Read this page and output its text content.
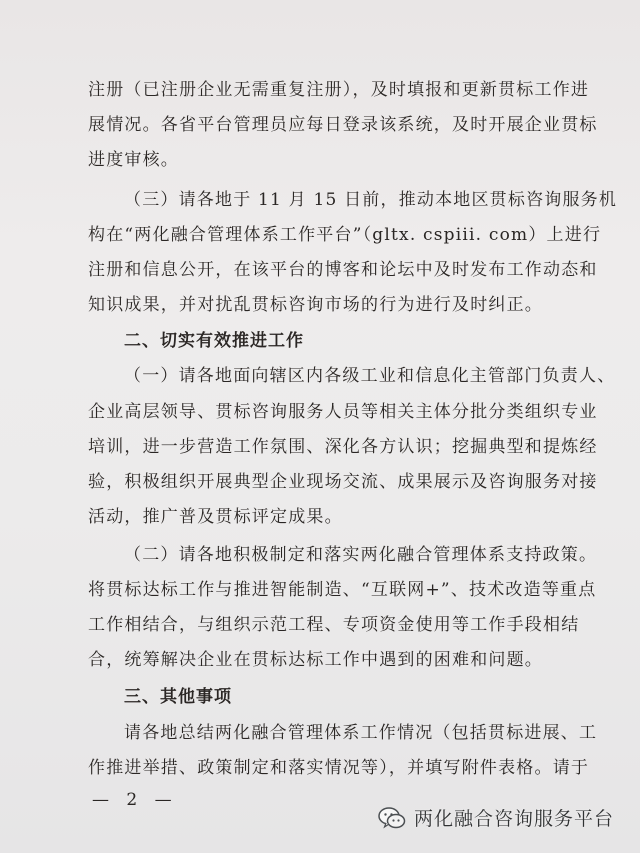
注册（已注册企业无需重复注册），及时填报和更新贯标工作进
展情况。各省平台管理员应每日登录该系统，及时开展企业贯标
进度审核。
（三）请各地于 11 月 15 日前，推动本地区贯标咨询服务机
构在“两化融合管理体系工作平台”（gltx. cspiii. com）上进行
注册和信息公开，在该平台的博客和论坛中及时发布工作动态和
知识成果，并对扰乱贯标咨询市场的行为进行及时纠正。
二、切实有效推进工作
（一）请各地面向辖区内各级工业和信息化主管部门负责人、
企业高层领导、贯标咨询服务人员等相关主体分批分类组织专业
培训，进一步营造工作氛围、深化各方认识；挖掘典型和提炼经
验，积极组织开展典型企业现场交流、成果展示及咨询服务对接
活动，推广普及贯标评定成果。
（二）请各地积极制定和落实两化融合管理体系支持政策。
将贯标达标工作与推进智能制造、“互联网+”、技术改造等重点
工作相结合，与组织示范工程、专项资金使用等工作手段相结
合，统筹解决企业在贯标达标工作中遇到的困难和问题。
三、其他事项
请各地总结两化融合管理体系工作情况（包括贯标进展、工
作推进举措、政策制定和落实情况等），并填写附件表格。请于
— 2 —
两化融合咨询服务平台
